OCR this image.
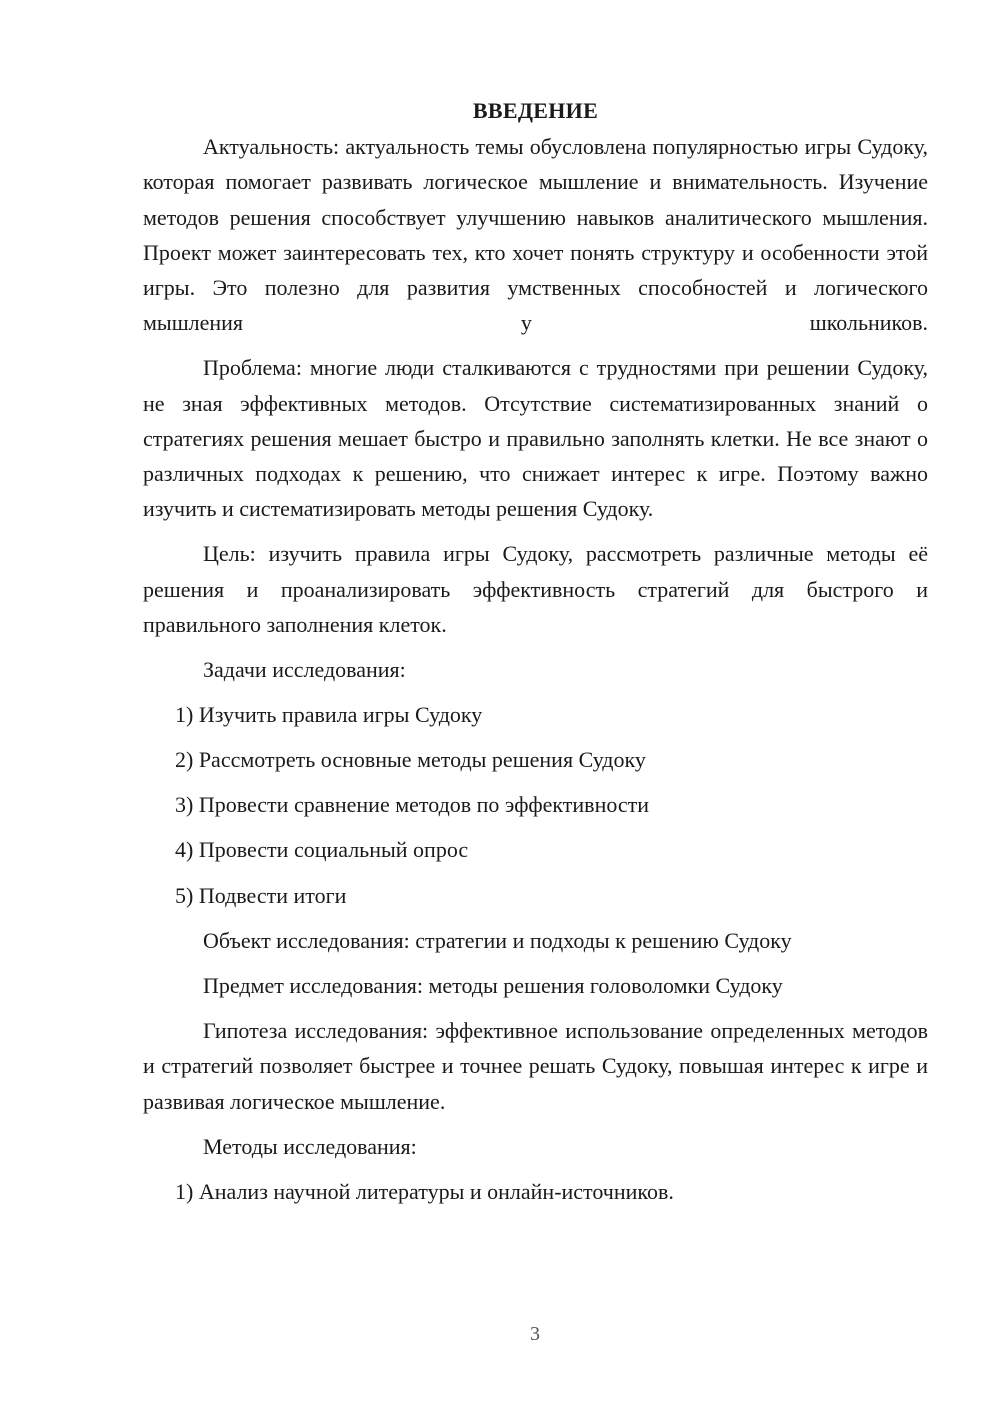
ВВЕДЕНИЕ

Актуальность: актуальность темы обусловлена популярностью игры Судоку, которая помогает развивать логическое мышление и внимательность. Изучение методов решения способствует улучшению навыков аналитического мышления. Проект может заинтересовать тех, кто хочет понять структуру и особенности этой игры. Это полезно для развития умственных способностей и логического мышления у школьников.

Проблема: многие люди сталкиваются с трудностями при решении Судоку, не зная эффективных методов. Отсутствие систематизированных знаний о стратегиях решения мешает быстро и правильно заполнять клетки. Не все знают о различных подходах к решению, что снижает интерес к игре. Поэтому важно изучить и систематизировать методы решения Судоку.

Цель: изучить правила игры Судоку, рассмотреть различные методы её решения и проанализировать эффективность стратегий для быстрого и правильного заполнения клеток.

Задачи исследования:
1) Изучить правила игры Судоку
2) Рассмотреть основные методы решения Судоку
3) Провести сравнение методов по эффективности
4) Провести социальный опрос
5) Подвести итоги
Объект исследования: стратегии и подходы к решению Судоку
Предмет исследования: методы решения головоломки Судоку

Гипотеза исследования: эффективное использование определенных методов и стратегий позволяет быстрее и точнее решать Судоку, повышая интерес к игре и развивая логическое мышление.

Методы исследования:
1) Анализ научной литературы и онлайн-источников.
3
